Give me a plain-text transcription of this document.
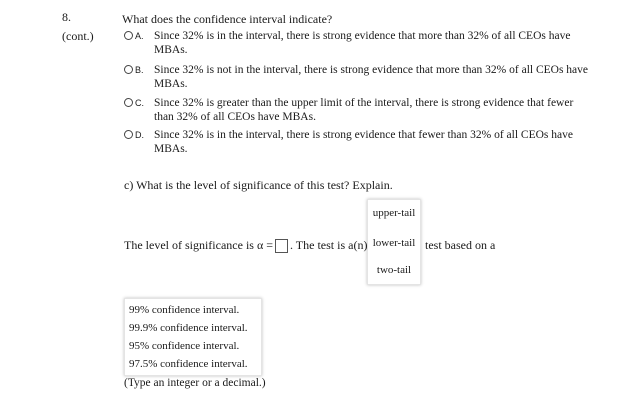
8.
(cont.)
What does the confidence interval indicate?
A. Since 32% is in the interval, there is strong evidence that more than 32% of all CEOs have MBAs.
B. Since 32% is not in the interval, there is strong evidence that more than 32% of all CEOs have MBAs.
C. Since 32% is greater than the upper limit of the interval, there is strong evidence that fewer than 32% of all CEOs have MBAs.
D. Since 32% is in the interval, there is strong evidence that fewer than 32% of all CEOs have MBAs.
c) What is the level of significance of this test? Explain.
The level of significance is α = . The test is a(n)
upper-tail
lower-tail
two-tail
test based on a
99% confidence interval.
99.9% confidence interval.
95% confidence interval.
97.5% confidence interval.
(Type an integer or a decimal.)
